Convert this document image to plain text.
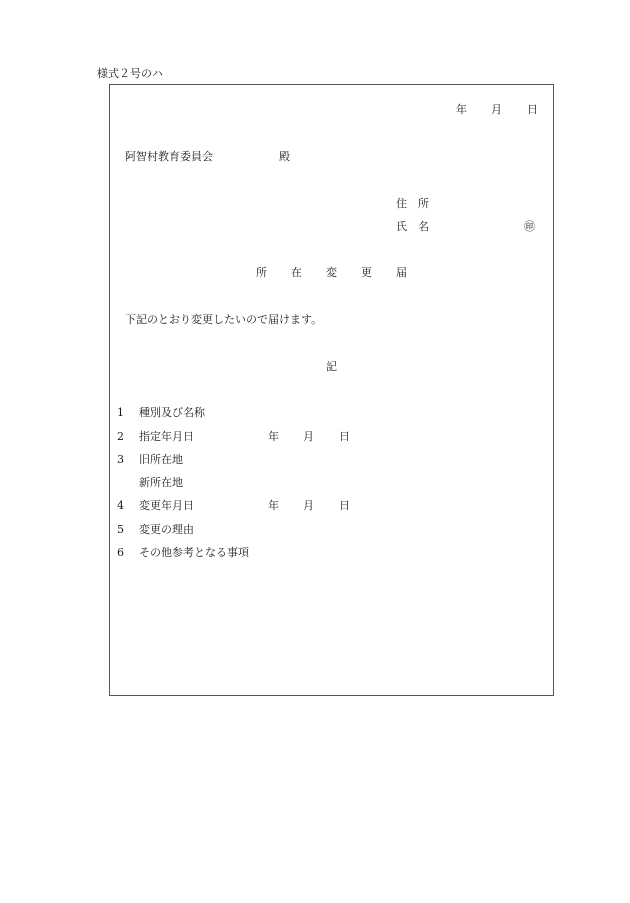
様式２号のハ
年 月 日
阿智村教育委員会	殿
住　所
氏　名	㊞
所 在 変 更 届
下記のとおり変更したいので届けます。
記
1 種別及び名称
2 指定年月日	年 月 日
3 旧所在地
新所在地
4 変更年月日	年 月 日
5 変更の理由
6 その他参考となる事項
